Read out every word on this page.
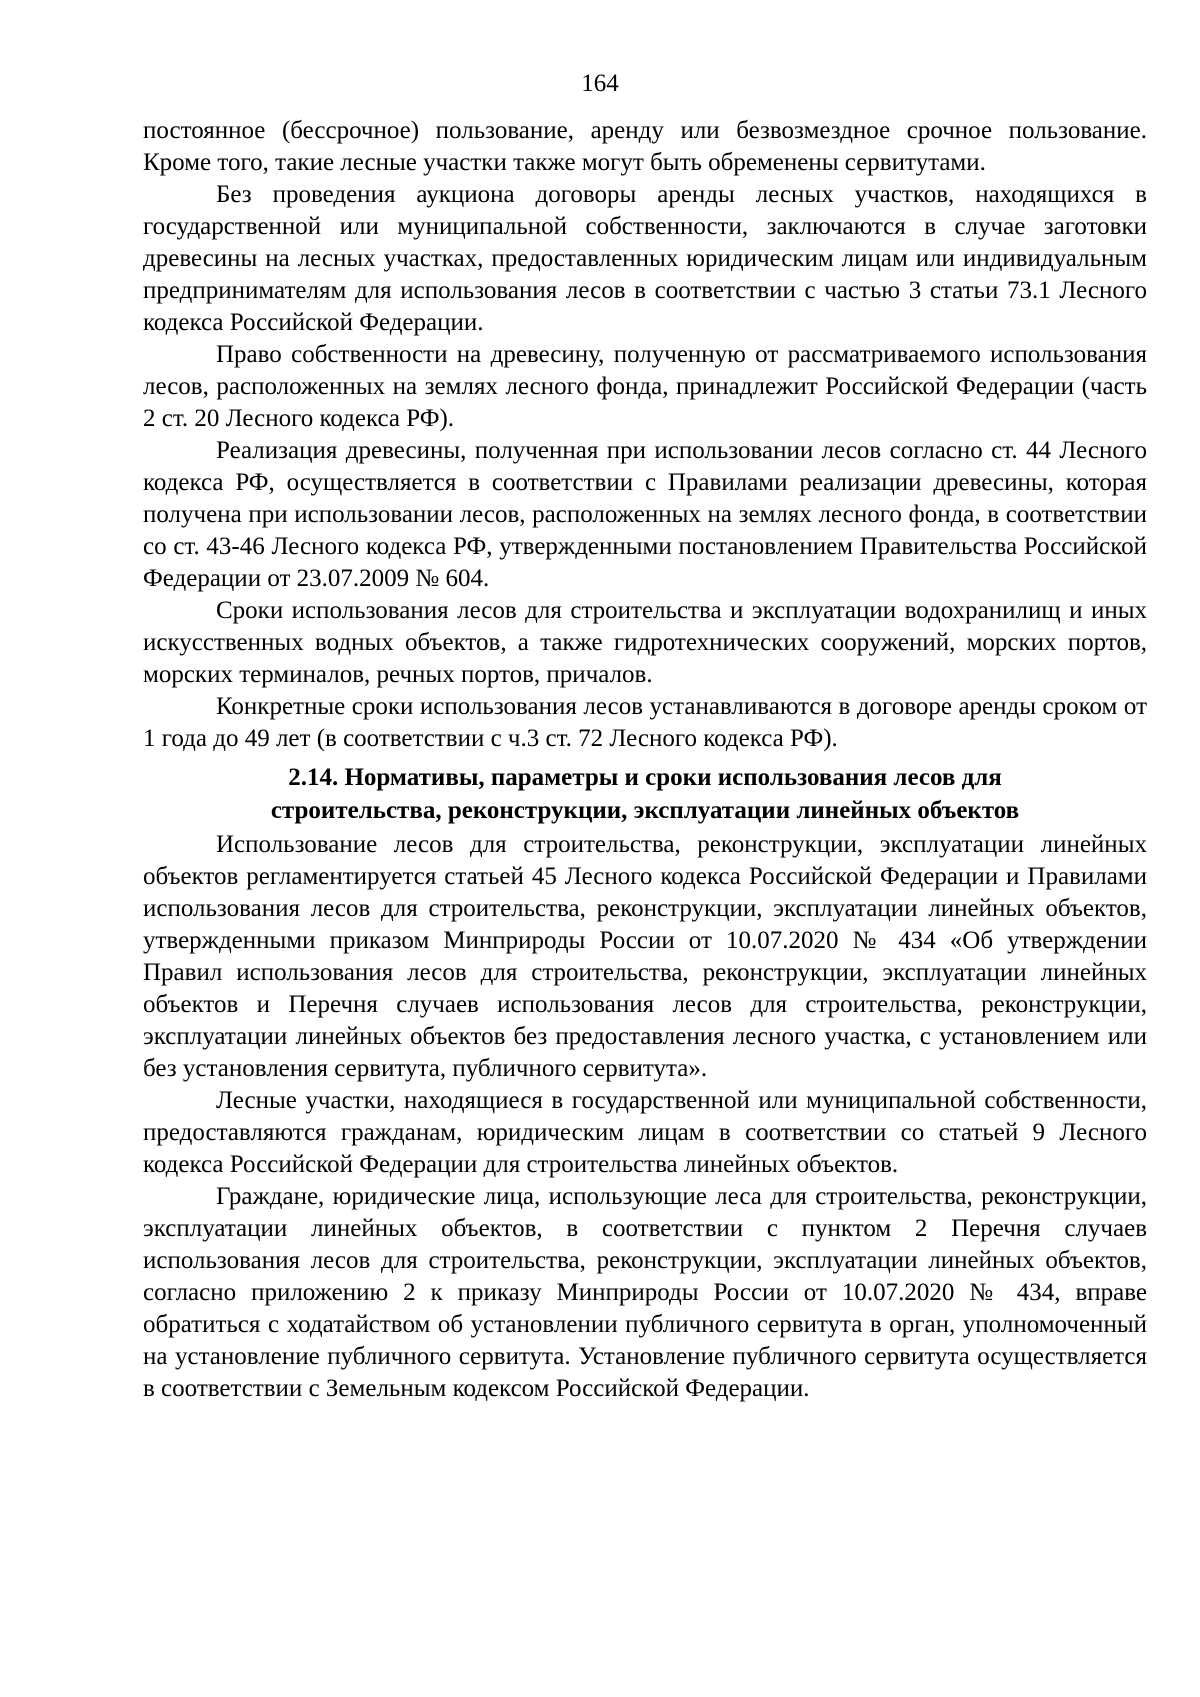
164

постоянное (бессрочное) пользование, аренду или безвозмездное срочное пользование. Кроме того, такие лесные участки также могут быть обременены сервитутами.

Без проведения аукциона договоры аренды лесных участков, находящихся в государственной или муниципальной собственности, заключаются в случае заготовки древесины на лесных участках, предоставленных юридическим лицам или индивидуальным предпринимателям для использования лесов в соответствии с частью 3 статьи 73.1 Лесного кодекса Российской Федерации.

Право собственности на древесину, полученную от рассматриваемого использования лесов, расположенных на землях лесного фонда, принадлежит Российской Федерации (часть 2 ст. 20 Лесного кодекса РФ).

Реализация древесины, полученная при использовании лесов согласно ст. 44 Лесного кодекса РФ, осуществляется в соответствии с Правилами реализации древесины, которая получена при использовании лесов, расположенных на землях лесного фонда, в соответствии со ст. 43-46 Лесного кодекса РФ, утвержденными постановлением Правительства Российской Федерации от 23.07.2009 № 604.

Сроки использования лесов для строительства и эксплуатации водохранилищ и иных искусственных водных объектов, а также гидротехнических сооружений, морских портов, морских терминалов, речных портов, причалов.

Конкретные сроки использования лесов устанавливаются в договоре аренды сроком от 1 года до 49 лет (в соответствии с ч.3 ст. 72 Лесного кодекса РФ).

2.14. Нормативы, параметры и сроки использования лесов для
строительства, реконструкции, эксплуатации линейных объектов

Использование лесов для строительства, реконструкции, эксплуатации линейных объектов регламентируется статьей 45 Лесного кодекса Российской Федерации и Правилами использования лесов для строительства, реконструкции, эксплуатации линейных объектов, утвержденными приказом Минприроды России от 10.07.2020 № 434 «Об утверждении Правил использования лесов для строительства, реконструкции, эксплуатации линейных объектов и Перечня случаев использования лесов для строительства, реконструкции, эксплуатации линейных объектов без предоставления лесного участка, с установлением или без установления сервитута, публичного сервитута».

Лесные участки, находящиеся в государственной или муниципальной собственности, предоставляются гражданам, юридическим лицам в соответствии со статьей 9 Лесного кодекса Российской Федерации для строительства линейных объектов.

Граждане, юридические лица, использующие леса для строительства, реконструкции, эксплуатации линейных объектов, в соответствии с пунктом 2 Перечня случаев использования лесов для строительства, реконструкции, эксплуатации линейных объектов, согласно приложению 2 к приказу Минприроды России от 10.07.2020 № 434, вправе обратиться с ходатайством об установлении публичного сервитута в орган, уполномоченный на установление публичного сервитута. Установление публичного сервитута осуществляется в соответствии с Земельным кодексом Российской Федерации.
